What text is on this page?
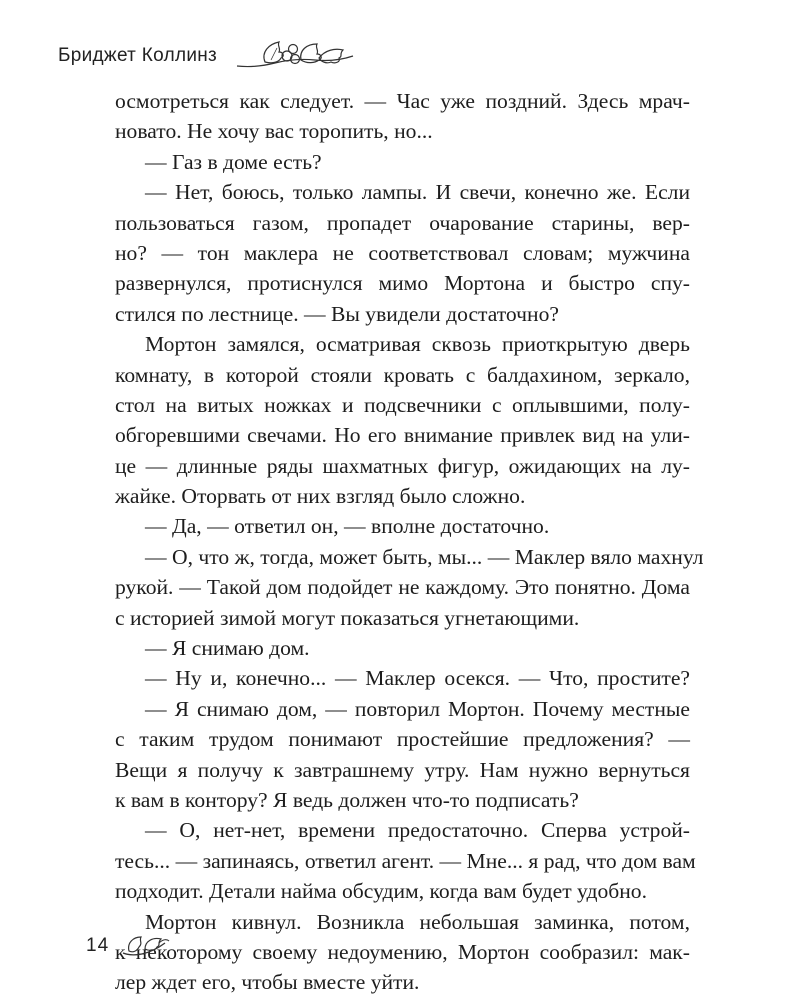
Бриджет Коллинз
осмотреться как следует. — Час уже поздний. Здесь мрач-
новато. Не хочу вас торопить, но...
— Газ в доме есть?
— Нет, боюсь, только лампы. И свечи, конечно же. Если
пользоваться газом, пропадет очарование старины, вер-
но? — тон маклера не соответствовал словам; мужчина
развернулся, протиснулся мимо Мортона и быстро спу-
стился по лестнице. — Вы увидели достаточно?
Мортон замялся, осматривая сквозь приоткрытую дверь
комнату, в которой стояли кровать с балдахином, зеркало,
стол на витых ножках и подсвечники с оплывшими, полу-
обгоревшими свечами. Но его внимание привлек вид на ули-
це — длинные ряды шахматных фигур, ожидающих на лу-
жайке. Оторвать от них взгляд было сложно.
— Да, — ответил он, — вполне достаточно.
— О, что ж, тогда, может быть, мы... — Маклер вяло махнул
рукой. — Такой дом подойдет не каждому. Это понятно. Дома
с историей зимой могут показаться угнетающими.
— Я снимаю дом.
— Ну и, конечно... — Маклер осекся. — Что, простите?
— Я снимаю дом, — повторил Мортон. Почему местные
с таким трудом понимают простейшие предложения? —
Вещи я получу к завтрашнему утру. Нам нужно вернуться
к вам в контору? Я ведь должен что-то подписать?
— О, нет-нет, времени предостаточно. Сперва устрой-
тесь... — запинаясь, ответил агент. — Мне... я рад, что дом вам
подходит. Детали найма обсудим, когда вам будет удобно.
Мортон кивнул. Возникла небольшая заминка, потом,
к некоторому своему недоумению, Мортон сообразил: мак-
лер ждет его, чтобы вместе уйти.
14
